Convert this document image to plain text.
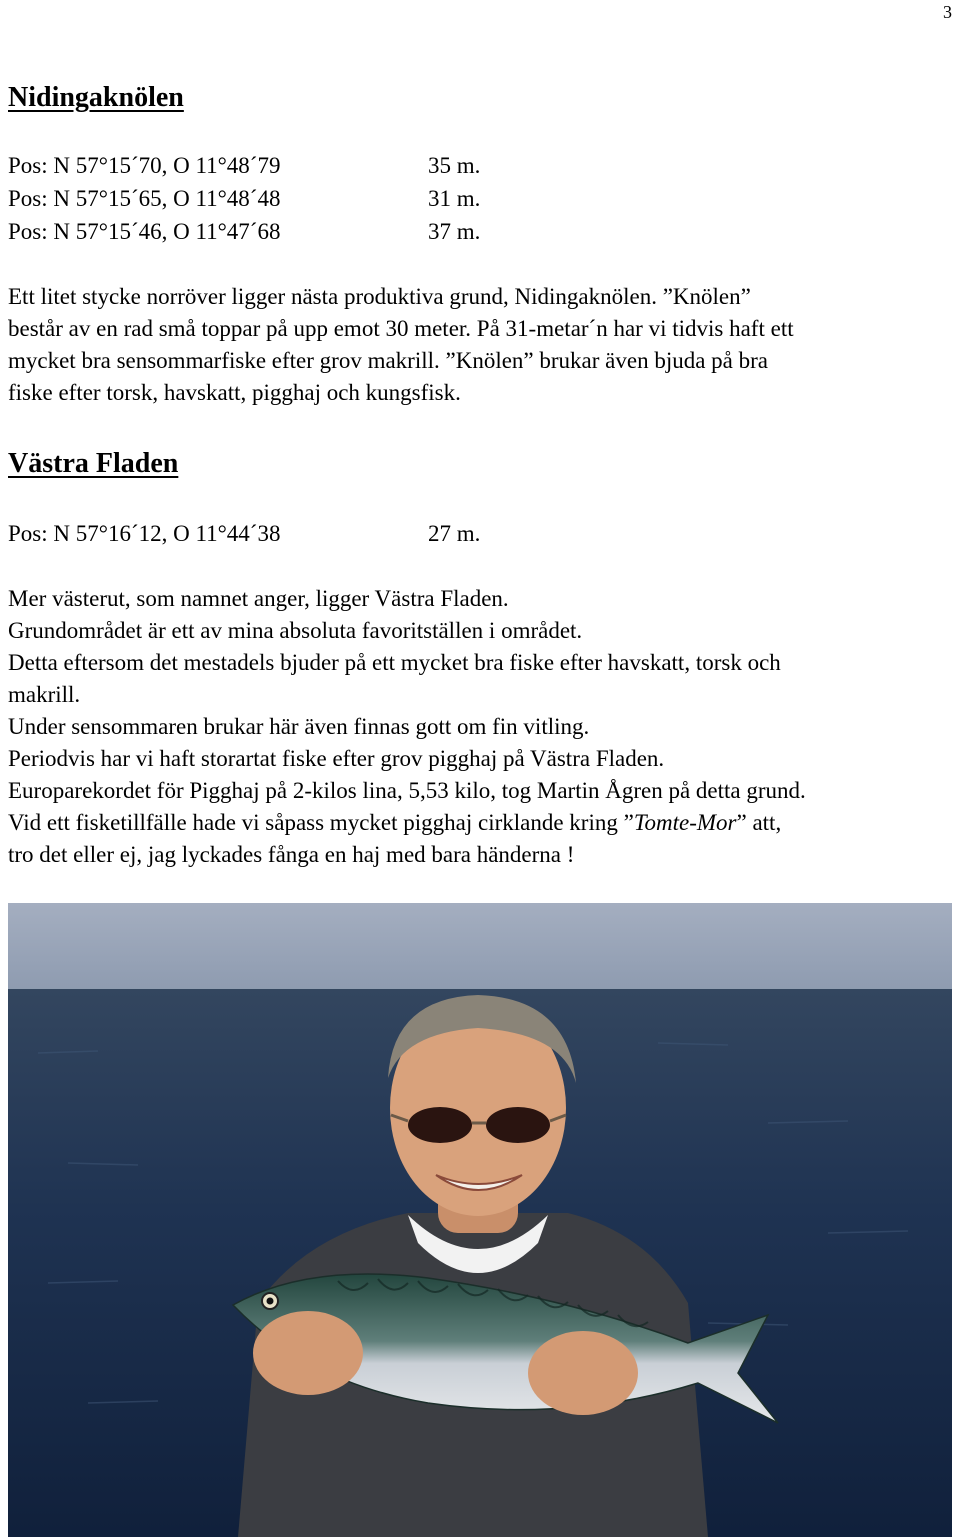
3
Nidingaknölen
Pos: N 57°15´70, O 11°48´79	35 m.
Pos: N 57°15´65, O 11°48´48	31 m.
Pos: N 57°15´46, O 11°47´68	37 m.
Ett litet stycke norröver ligger nästa produktiva grund, Nidingaknölen. ”Knölen”
består av en rad små toppar på upp emot 30 meter. På 31-metar´n har vi tidvis haft ett
mycket bra sensommarfiske efter grov makrill. ”Knölen” brukar även bjuda på bra
fiske efter torsk, havskatt, pigghaj och kungsfisk.
Västra Fladen
Pos: N 57°16´12, O 11°44´38	27 m.
Mer västerut, som namnet anger, ligger Västra Fladen.
Grundområdet är ett av mina absoluta favoritställen i området.
Detta eftersom det mestadels bjuder på ett mycket bra fiske efter havskatt, torsk och
makrill.
Under sensommaren brukar här även finnas gott om fin vitling.
Periodvis har vi haft storartat fiske efter grov pigghaj på Västra Fladen.
Europarekordet för Pigghaj på 2-kilos lina, 5,53 kilo, tog Martin Ågren på detta grund.
Vid ett fisketillfälle hade vi såpass mycket pigghaj cirklande kring ”Tomte-Mor” att,
tro det eller ej, jag lyckades fånga en haj med bara händerna !
